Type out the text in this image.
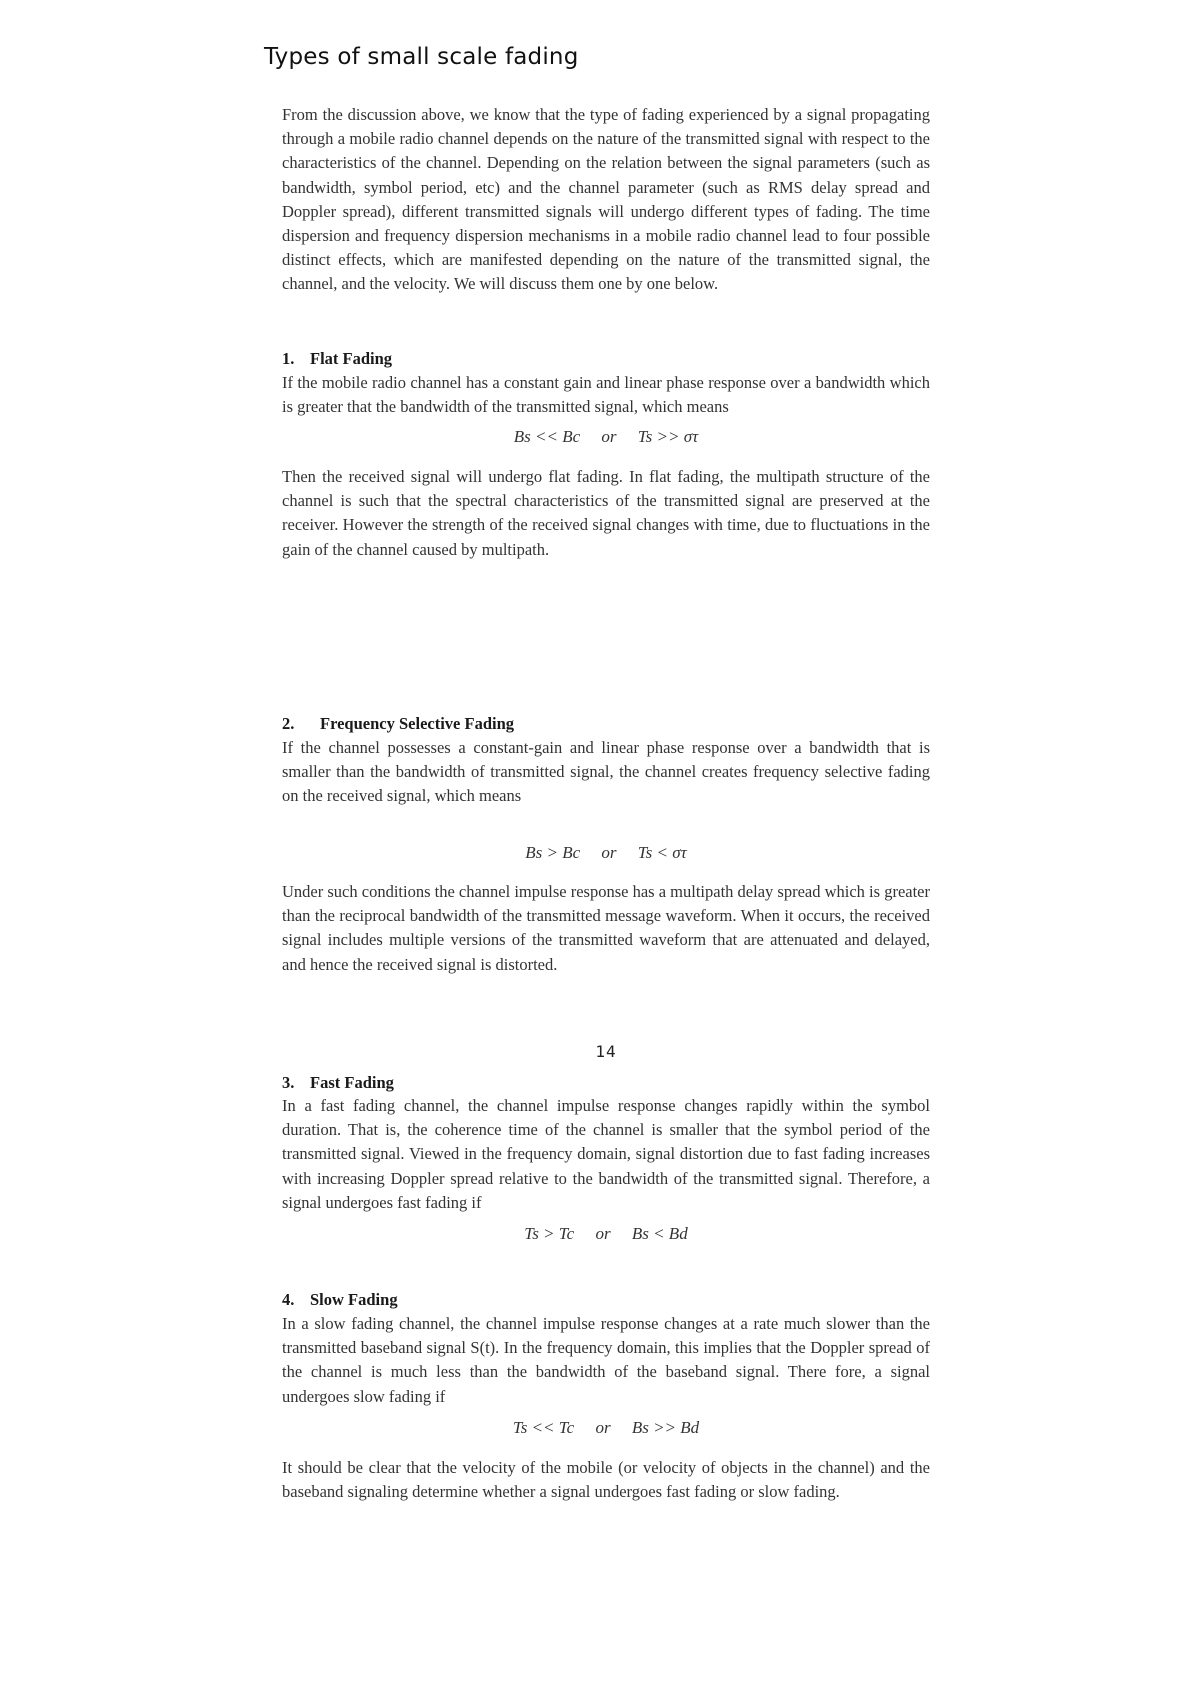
Types of small scale fading

From the discussion above, we know that the type of fading experienced by a signal propagating through a mobile radio channel depends on the nature of the transmitted signal with respect to the characteristics of the channel. Depending on the relation between the signal parameters (such as bandwidth, symbol period, etc) and the channel parameter (such as RMS delay spread and Doppler spread), different transmitted signals will undergo different types of fading. The time dispersion and frequency dispersion mechanisms in a mobile radio channel lead to four possible distinct effects, which are manifested depending on the nature of the transmitted signal, the channel, and the velocity. We will discuss them one by one below.

1. Flat Fading

If the mobile radio channel has a constant gain and linear phase response over a bandwidth which is greater that the bandwidth of the transmitted signal, which means

Bs << Bc     or     Ts >> στ

Then the received signal will undergo flat fading. In flat fading, the multipath structure of the channel is such that the spectral characteristics of the transmitted signal are preserved at the receiver. However the strength of the received signal changes with time, due to fluctuations in the gain of the channel caused by multipath.

2. Frequency Selective Fading

If the channel possesses a constant-gain and linear phase response over a bandwidth that is smaller than the bandwidth of transmitted signal, the channel creates frequency selective fading on the received signal, which means

Bs > Bc     or     Ts < στ

Under such conditions the channel impulse response has a multipath delay spread which is greater than the reciprocal bandwidth of the transmitted message waveform. When it occurs, the received signal includes multiple versions of the transmitted waveform that are attenuated and delayed, and hence the received signal is distorted.

14
3. Fast Fading

In a fast fading channel, the channel impulse response changes rapidly within the symbol duration. That is, the coherence time of the channel is smaller that the symbol period of the transmitted signal. Viewed in the frequency domain, signal distortion due to fast fading increases with increasing Doppler spread relative to the bandwidth of the transmitted signal. Therefore, a signal undergoes fast fading if

Ts > Tc     or     Bs < Bd
4. Slow Fading

In a slow fading channel, the channel impulse response changes at a rate much slower than the transmitted baseband signal S(t). In the frequency domain, this implies that the Doppler spread of the channel is much less than the bandwidth of the baseband signal. There fore, a signal undergoes slow fading if

Ts << Tc     or     Bs >> Bd

It should be clear that the velocity of the mobile (or velocity of objects in the channel) and the baseband signaling determine whether a signal undergoes fast fading or slow fading.
